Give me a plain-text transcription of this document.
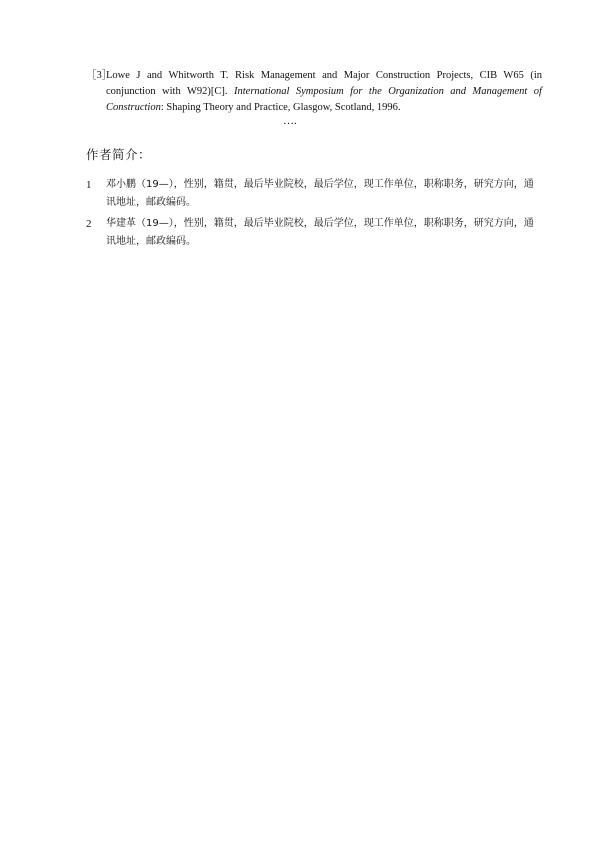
［3］
Lowe J and Whitworth T. Risk Management and Major Construction Projects, CIB W65 (in conjunction with W92)[C]. International Symposium for the Organization and Management of Construction: Shaping Theory and Practice, Glasgow, Scotland, 1996.
….
作者简介：
1 邓小鹏（19—），性别，籍贯，最后毕业院校，最后学位，现工作单位，职称职务，研究方向，通讯地址，邮政编码。
2 华建革（19—），性别，籍贯，最后毕业院校，最后学位，现工作单位，职称职务，研究方向，通讯地址，邮政编码。
